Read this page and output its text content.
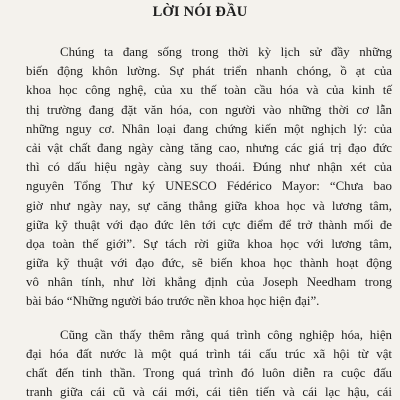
LỜI NÓI ĐẦU
Chúng ta đang sống trong thời kỳ lịch sử đầy những
biến động khôn lường. Sự phát triển nhanh chóng, ồ ạt của
khoa học công nghệ, của xu thế toàn cầu hóa và của kinh tế
thị trường đang đặt văn hóa, con người vào những thời cơ lẫn
những nguy cơ. Nhân loại đang chứng kiến một nghịch lý: của
cải vật chất đang ngày càng tăng cao, nhưng các giá trị đạo đức
thì có dấu hiệu ngày càng suy thoái. Đúng như nhận xét của
nguyên Tổng Thư ký UNESCO Fédérico Mayor: “Chưa bao
giờ như ngày nay, sự căng thẳng giữa khoa học và lương tâm,
giữa kỹ thuật với đạo đức lên tới cực điểm để trở thành mối đe
dọa toàn thế giới”. Sự tách rời giữa khoa học với lương tâm,
giữa kỹ thuật với đạo đức, sẽ biến khoa học thành hoạt động
vô nhân tính, như lời khẳng định của Joseph Needham trong
bài báo “Những người báo trước nền khoa học hiện đại”.
Cũng cần thấy thêm rằng quá trình công nghiệp hóa, hiện
đại hóa đất nước là một quá trình tái cấu trúc xã hội từ vật
chất đến tinh thần. Trong quá trình đó luôn diễn ra cuộc đấu
tranh giữa cái cũ và cái mới, cái tiên tiến và cái lạc hậu, cái
